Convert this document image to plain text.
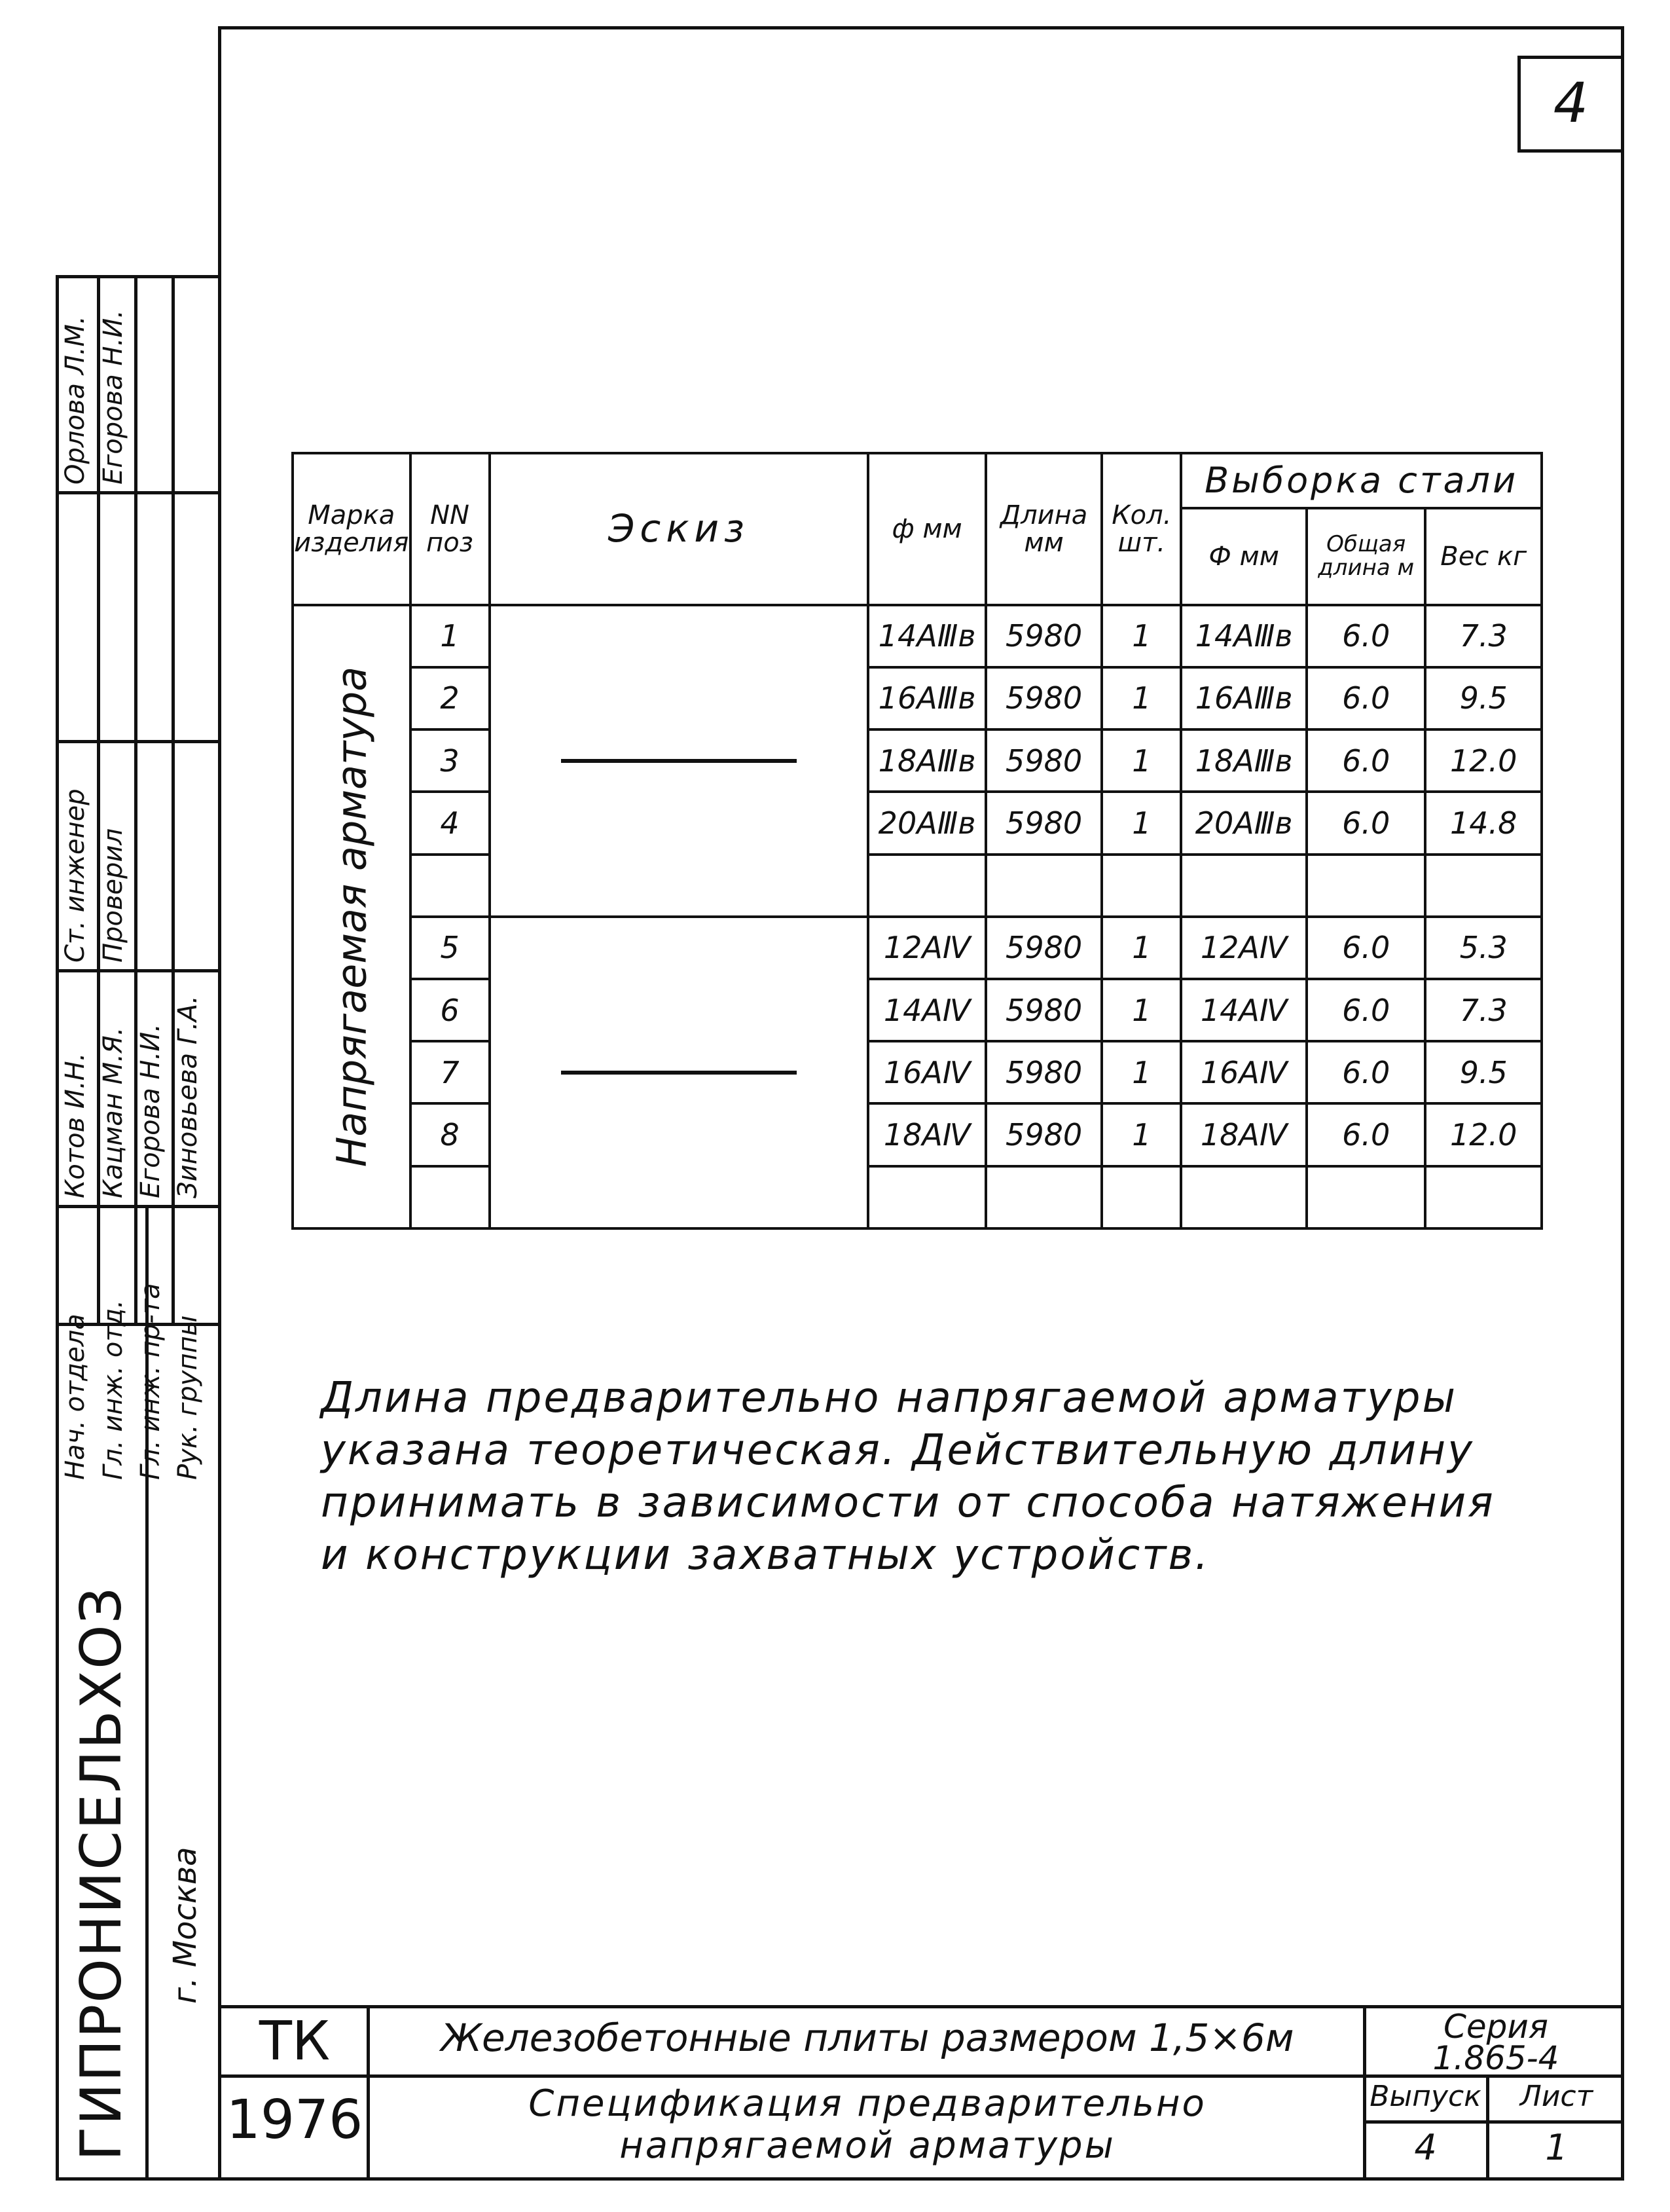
4
Нач. отдела Гл. инж. отд. Гл. инж. пр-та Рук. группы
Котов И.Н. Кацман М.Я. Егорова Н.И. Зиновьева Г.А.
Ст. инженер Проверил
Орлова Л.М. Егорова Н.И.
ГИПРОНИСЕЛЬХОЗ г. Москва
Марка изделия	NN поз	Эскиз	ф мм	Длина мм	Кол. шт.	Выборка стали		
						Ф мм	Общая длина м	Вес кг

Напрягаемая арматура	1		14AⅢв	5980	1	14AⅢв	6.0	7.3
	2		16AⅢв	5980	1	16AⅢв	6.0	9.5
	3		18AⅢв	5980	1	18AⅢв	6.0	12.0
	4		20AⅢв	5980	1	20AⅢв	6.0	14.8

	5		12AⅣ	5980	1	12AⅣ	6.0	5.3
	6		14AⅣ	5980	1	14AⅣ	6.0	7.3
	7		16AⅣ	5980	1	16AⅣ	6.0	9.5
	8		18AⅣ	5980	1	18AⅣ	6.0	12.0

Длина предварительно напрягаемой арматуры
указана теоретическая. Действительную длину
принимать в зависимости от способа натяжения
и конструкции захватных устройств.
ТК
1976
Железобетонные плиты размером 1,5×6м
Спецификация предварительно
напрягаемой арматуры
Серия
1.865-4
Выпуск
4
Лист
1
